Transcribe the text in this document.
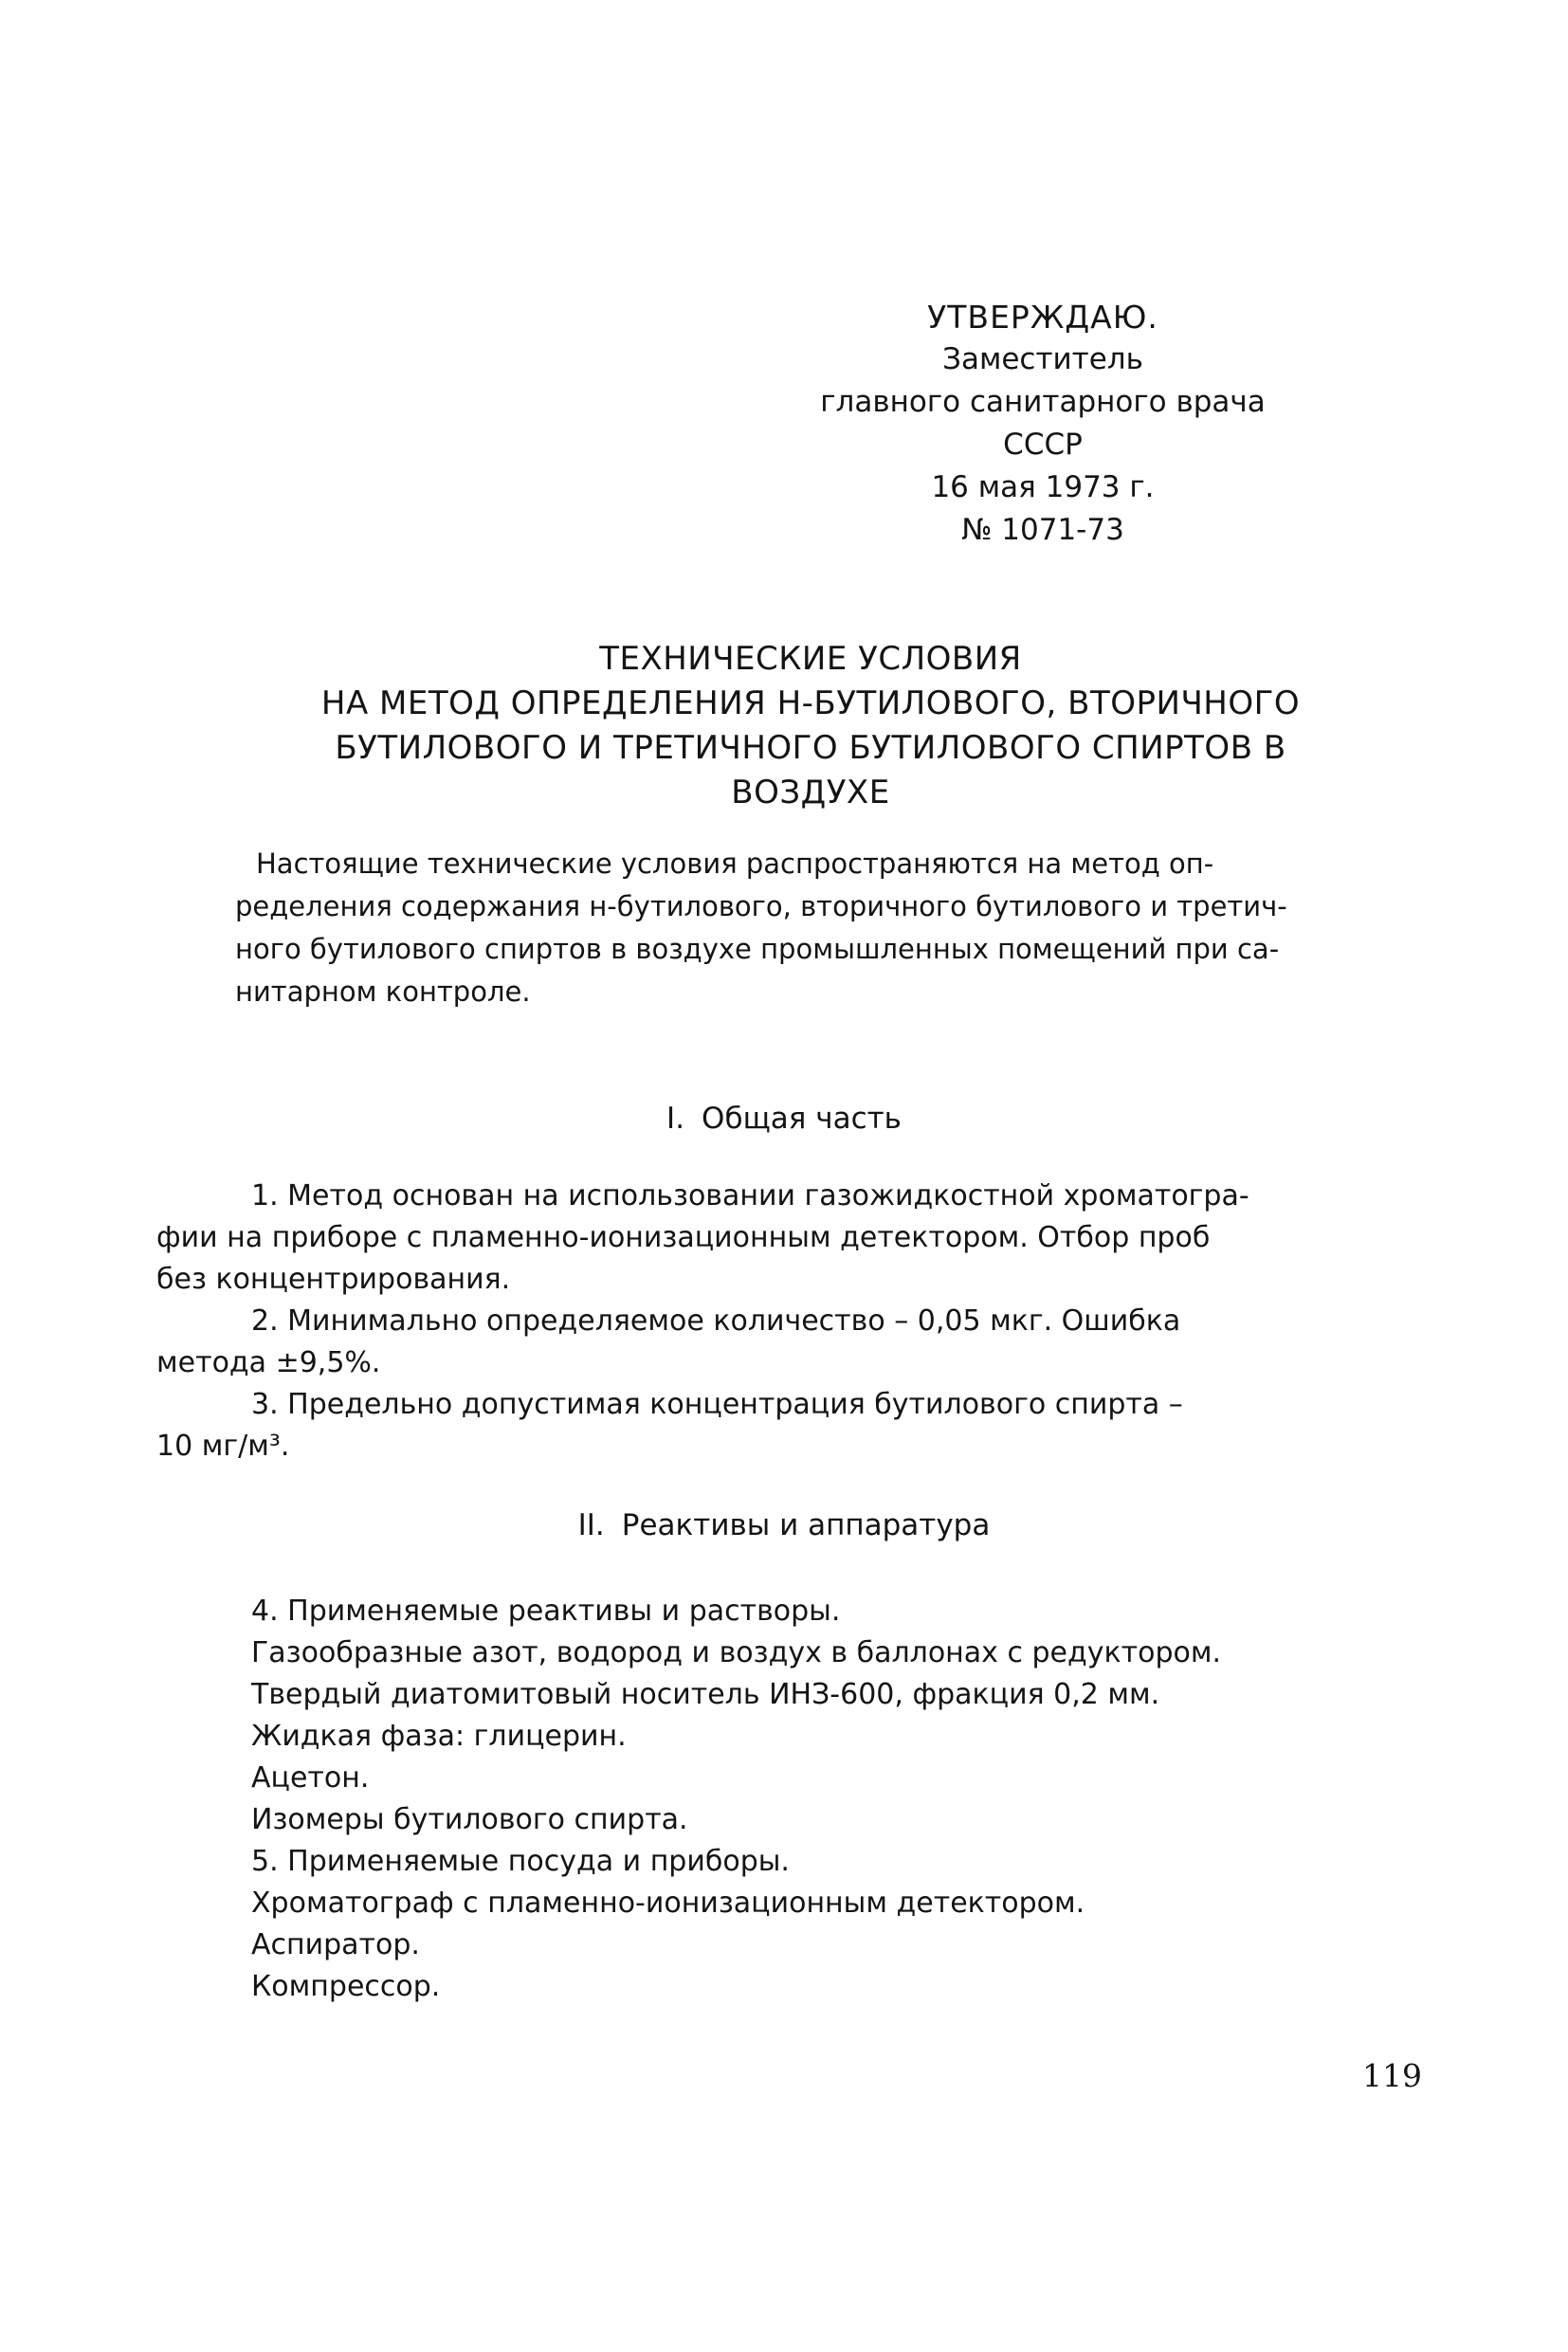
УТВЕРЖДАЮ.
Заместитель
главного санитарного врача
СССР
16 мая 1973 г.
№ 1071-73
ТЕХНИЧЕСКИЕ УСЛОВИЯ
НА МЕТОД ОПРЕДЕЛЕНИЯ Н-БУТИЛОВОГО, ВТОРИЧНОГО
БУТИЛОВОГО И ТРЕТИЧНОГО БУТИЛОВОГО СПИРТОВ В
ВОЗДУХЕ
Настоящие технические условия распространяются на метод оп-
ределения содержания н-бутилового, вторичного бутилового и третич-
ного бутилового спиртов в воздухе промышленных помещений при са-
нитарном контроле.
I. Общая часть
1. Метод основан на использовании газожидкостной хроматогра-
фии на приборе с пламенно-ионизационным детектором. Отбор проб
без концентрирования.
2. Минимально определяемое количество – 0,05 мкг. Ошибка
метода ±9,5%.
3. Предельно допустимая концентрация бутилового спирта –
10 мг/м³.
II. Реактивы и аппаратура
4. Применяемые реактивы и растворы.
Газообразные азот, водород и воздух в баллонах с редуктором.
Твердый диатомитовый носитель ИНЗ-600, фракция 0,2 мм.
Жидкая фаза: глицерин.
Ацетон.
Изомеры бутилового спирта.
5. Применяемые посуда и приборы.
Хроматограф с пламенно-ионизационным детектором.
Аспиратор.
Компрессор.
119
